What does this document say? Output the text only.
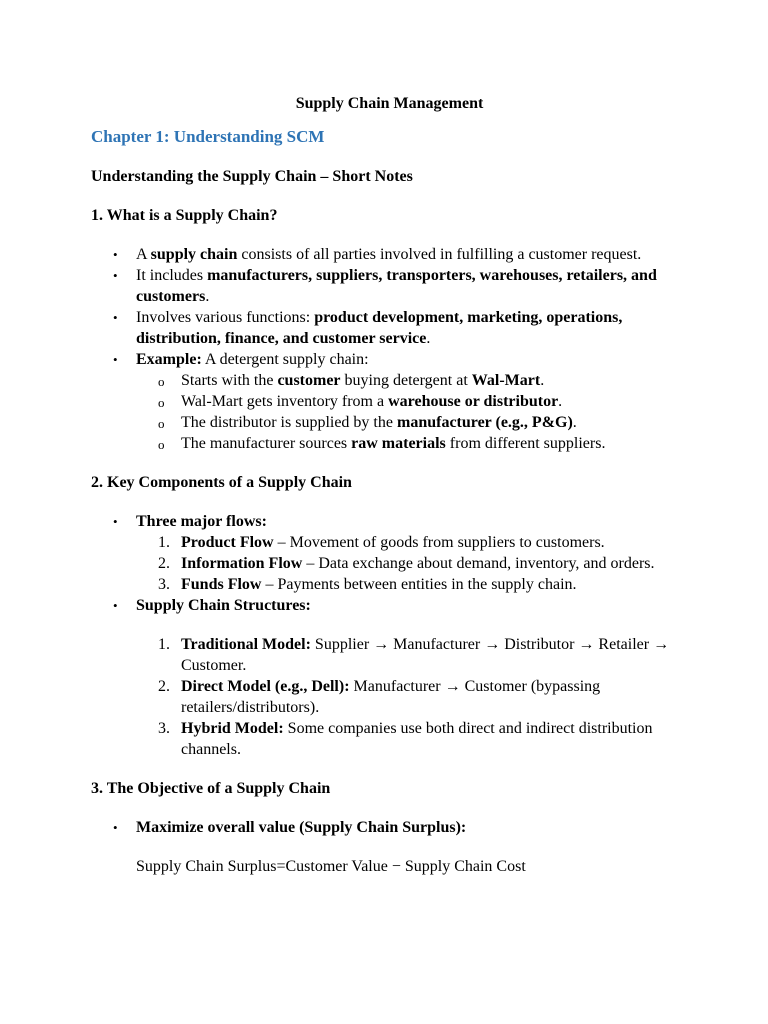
Supply Chain Management
Chapter 1: Understanding SCM
Understanding the Supply Chain – Short Notes
1. What is a Supply Chain?
• A supply chain consists of all parties involved in fulfilling a customer request.
• It includes manufacturers, suppliers, transporters, warehouses, retailers, and customers.
• Involves various functions: product development, marketing, operations, distribution, finance, and customer service.
• Example: A detergent supply chain:
o Starts with the customer buying detergent at Wal-Mart.
o Wal-Mart gets inventory from a warehouse or distributor.
o The distributor is supplied by the manufacturer (e.g., P&G).
o The manufacturer sources raw materials from different suppliers.
2. Key Components of a Supply Chain
• Three major flows:
1. Product Flow – Movement of goods from suppliers to customers.
2. Information Flow – Data exchange about demand, inventory, and orders.
3. Funds Flow – Payments between entities in the supply chain.
• Supply Chain Structures:
1. Traditional Model: Supplier → Manufacturer → Distributor → Retailer → Customer.
2. Direct Model (e.g., Dell): Manufacturer → Customer (bypassing retailers/distributors).
3. Hybrid Model: Some companies use both direct and indirect distribution channels.
3. The Objective of a Supply Chain
• Maximize overall value (Supply Chain Surplus):
Supply Chain Surplus=Customer Value − Supply Chain Cost
